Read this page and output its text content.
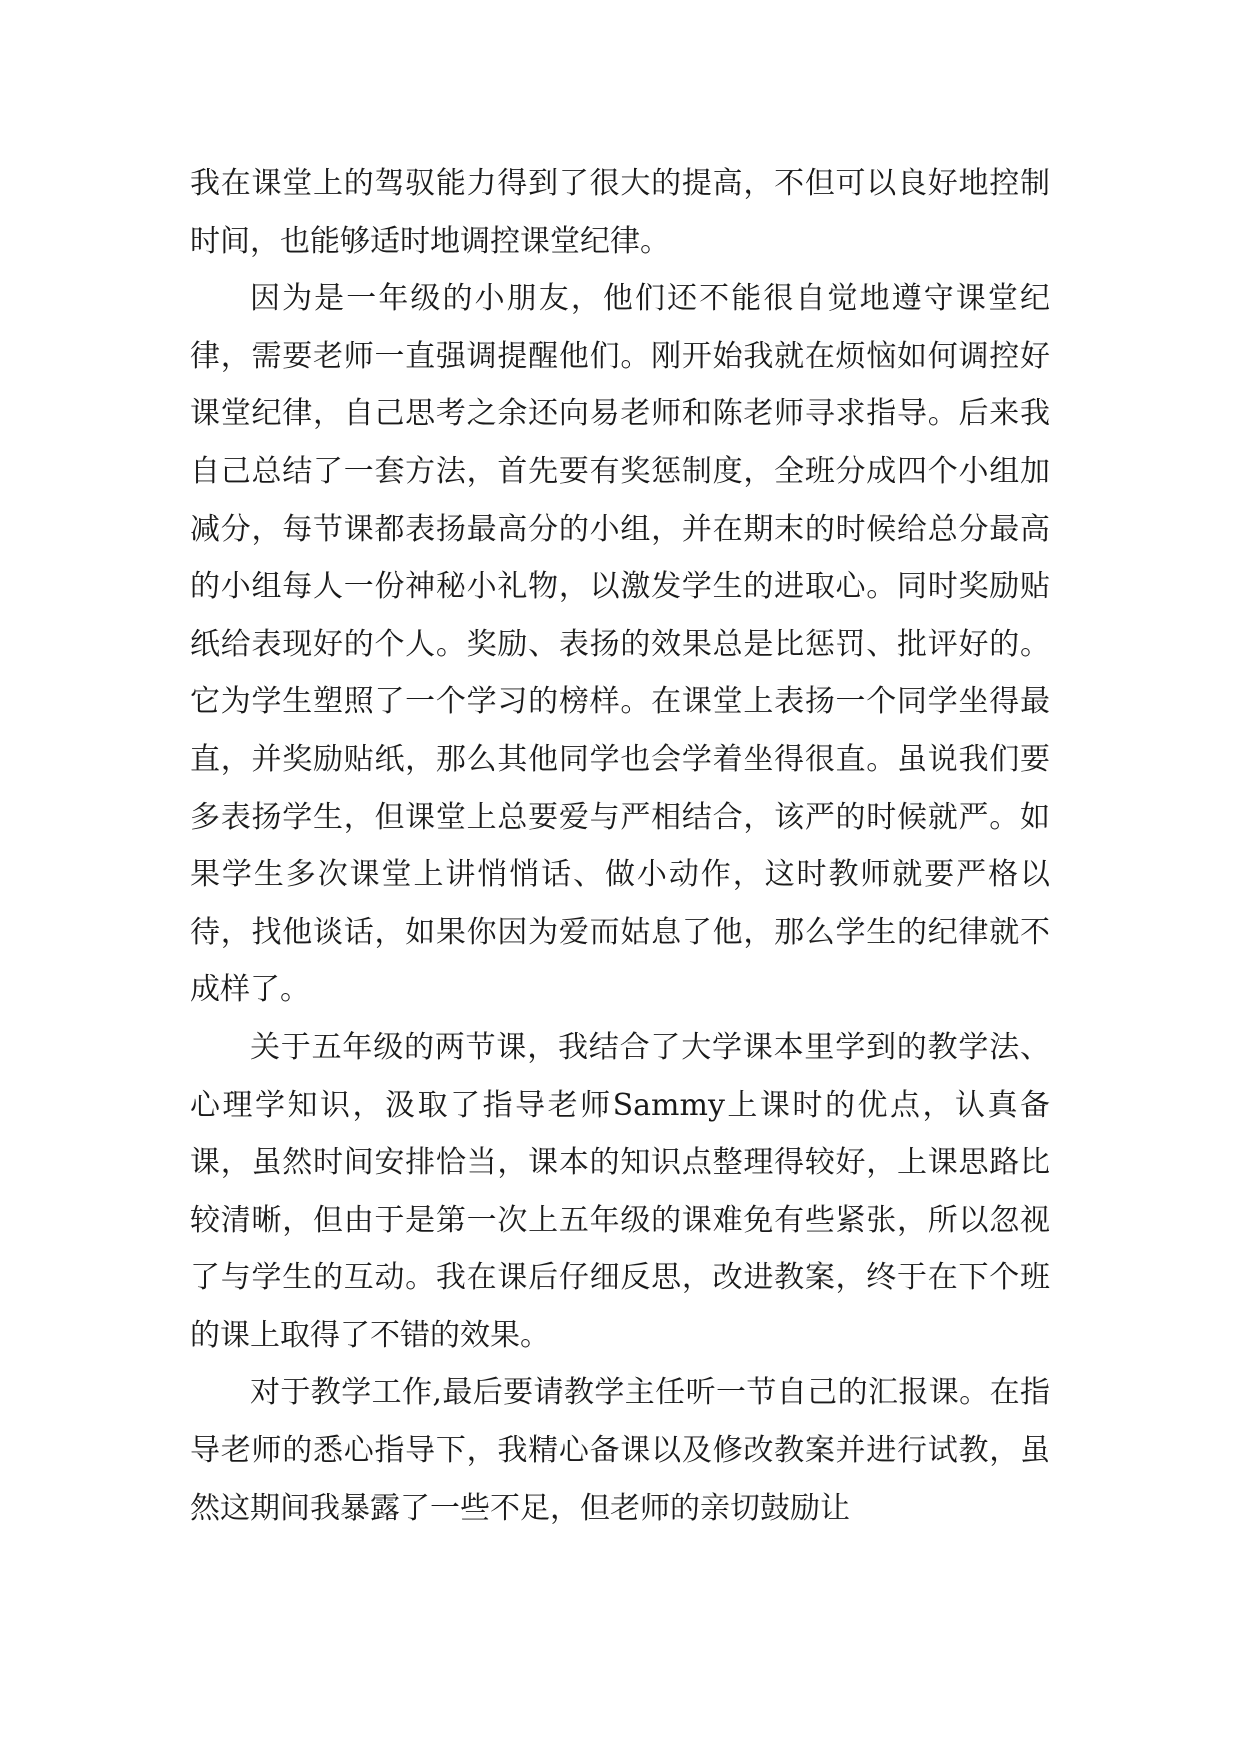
我在课堂上的驾驭能力得到了很大的提高，不但可以良好地控制时间，也能够适时地调控课堂纪律。

因为是一年级的小朋友，他们还不能很自觉地遵守课堂纪律，需要老师一直强调提醒他们。刚开始我就在烦恼如何调控好课堂纪律，自己思考之余还向易老师和陈老师寻求指导。后来我自己总结了一套方法，首先要有奖惩制度，全班分成四个小组加减分，每节课都表扬最高分的小组，并在期末的时候给总分最高的小组每人一份神秘小礼物，以激发学生的进取心。同时奖励贴纸给表现好的个人。奖励、表扬的效果总是比惩罚、批评好的。它为学生塑照了一个学习的榜样。在课堂上表扬一个同学坐得最直，并奖励贴纸，那么其他同学也会学着坐得很直。虽说我们要多表扬学生，但课堂上总要爱与严相结合，该严的时候就严。如果学生多次课堂上讲悄悄话、做小动作，这时教师就要严格以待，找他谈话，如果你因为爱而姑息了他，那么学生的纪律就不成样了。

关于五年级的两节课，我结合了大学课本里学到的教学法、心理学知识，汲取了指导老师Sammy上课时的优点，认真备课，虽然时间安排恰当，课本的知识点整理得较好，上课思路比较清晰，但由于是第一次上五年级的课难免有些紧张，所以忽视了与学生的互动。我在课后仔细反思，改进教案，终于在下个班的课上取得了不错的效果。

对于教学工作,最后要请教学主任听一节自己的汇报课。在指导老师的悉心指导下，我精心备课以及修改教案并进行试教，虽然这期间我暴露了一些不足，但老师的亲切鼓励让
